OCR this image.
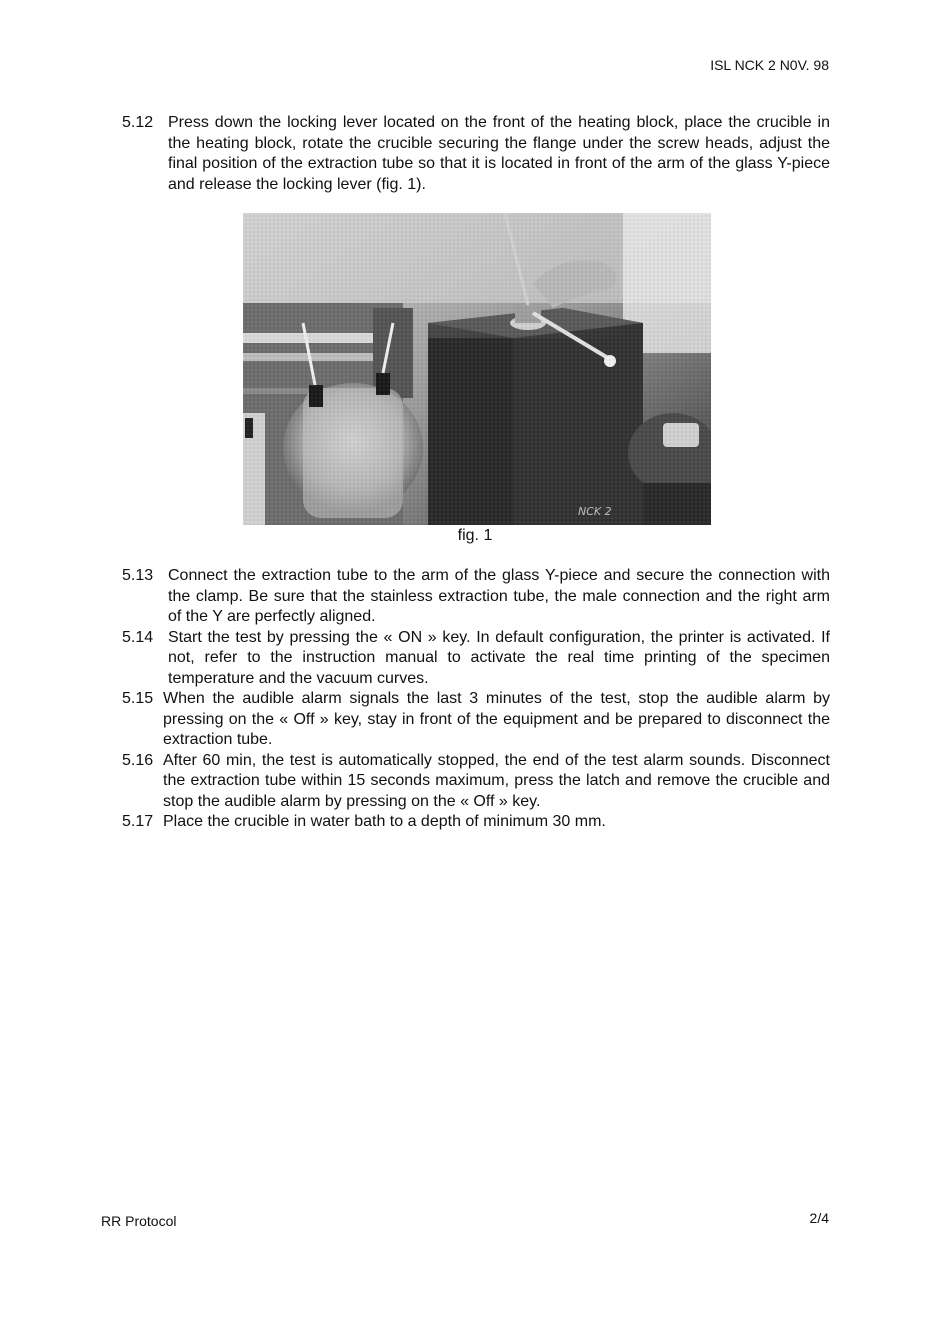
ISL NCK 2 N0V. 98
5.12 Press down the locking lever located on the front of the heating block, place the crucible in the heating block, rotate the crucible securing the flange under the screw heads, adjust the final position of the extraction tube so that it is located in front of the arm of the glass Y-piece and release the locking lever (fig. 1).
fig. 1
5.13 Connect the extraction tube to the arm of the glass Y-piece and secure the connection with the clamp. Be sure that the stainless extraction tube, the male connection and the right arm of the Y are perfectly aligned.
5.14 Start the test by pressing the « ON » key. In default configuration, the printer is activated. If not, refer to the instruction manual to activate the real time printing of the specimen temperature and the vacuum curves.
5.15 When the audible alarm signals the last 3 minutes of the test, stop the audible alarm by pressing on the « Off » key, stay in front of the equipment and be prepared to disconnect the extraction tube.
5.16 After 60 min, the test is automatically stopped, the end of the test alarm sounds. Disconnect the extraction tube within 15 seconds maximum, press the latch and remove the crucible and stop the audible alarm by pressing on the « Off » key.
5.17 Place the crucible in water bath to a depth of minimum 30 mm.
RR Protocol	2/4
